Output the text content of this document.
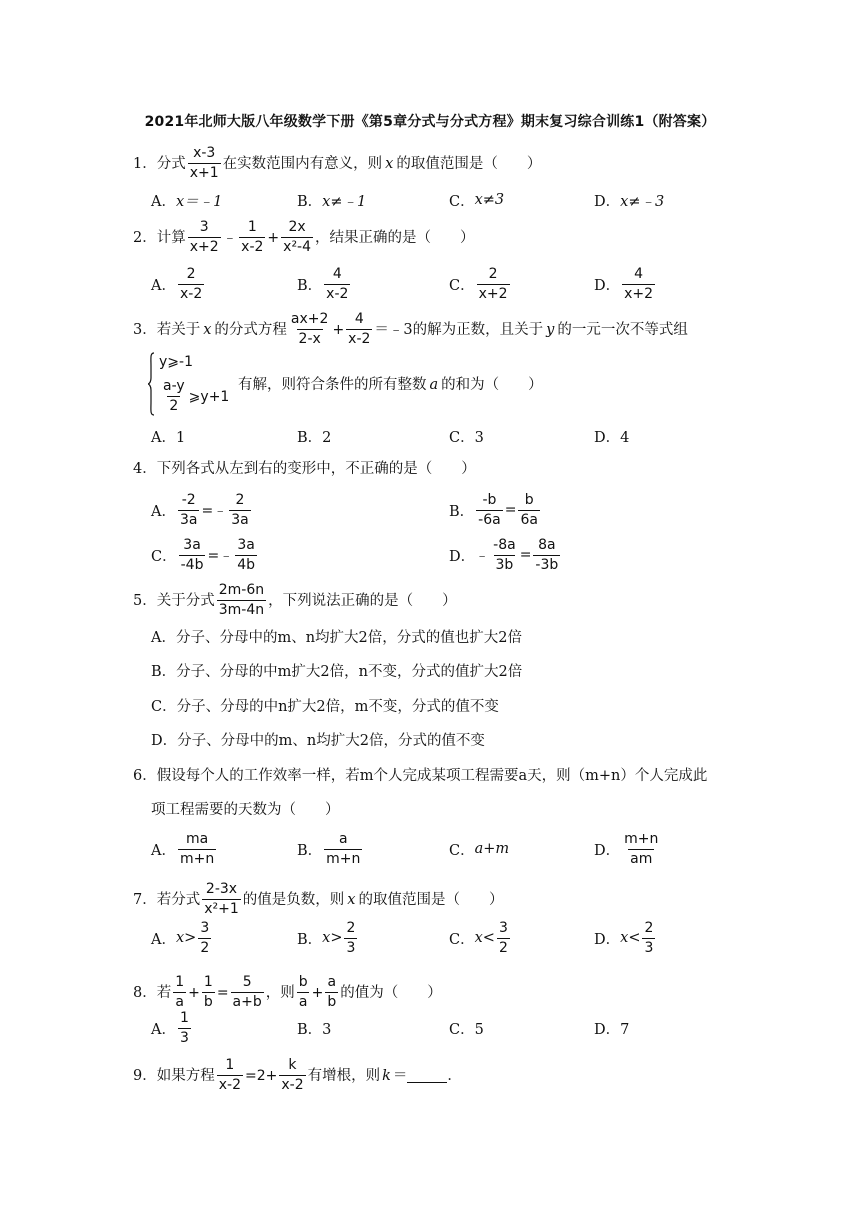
2021年北师大版八年级数学下册《第5章分式与分式方程》期末复习综合训练1（附答案）
1．分式 $\frac{x-3}{x+1}$ 在实数范围内有意义，则 x 的取值范围是（　　）
A． x＝﹣1	B． x≠﹣1	C． x≠3	D． x≠﹣3
2．计算 $\frac{3}{x+2}$ ﹣ $\frac{1}{x-2} + \frac{2x}{\text{x²-4}}$ ，结果正确的是（　　）
A． $\frac{2}{x-2}$	B． $\frac{4}{x-2}$	C． $\frac{2}{x+2}$	D． $\frac{4}{x+2}$
3．若关于 x 的分式方程 $\frac{ax+2}{2-x} + \frac{4}{x-2}$ ＝﹣3的解为正数，且关于 y 的一元一次不等式组
y⩾-1
$\frac{a-y}{2}$ ⩾y+1
有解，则符合条件的所有整数 a 的和为（　　）
A．1	B．2	C．3	D．4
4．下列各式从左到右的变形中，不正确的是（　　）
A． $\frac{-2}{3a}$ =﹣ $\frac{2}{3a}$	B． $\frac{-b}{-6a} = \frac{b}{6a}$
C． $\frac{3a}{-4b}$ =﹣ $\frac{3a}{4b}$	D． ﹣ $\frac{-8a}{3b} = \frac{8a}{-3b}$
5．关于分式 $\frac{2m-6n}{3m-4n}$ ，下列说法正确的是（　　）
A．分子、分母中的m、n均扩大2倍，分式的值也扩大2倍
B．分子、分母的中m扩大2倍，n不变，分式的值扩大2倍
C．分子、分母的中n扩大2倍，m不变，分式的值不变
D．分子、分母中的m、n均扩大2倍，分式的值不变
6．假设每个人的工作效率一样，若m个人完成某项工程需要a天，则（m+n）个人完成此
项工程需要的天数为（　　）
A． $\frac{ma}{m+n}$	B． $\frac{a}{m+n}$	C． a+m	D． $\frac{m+n}{am}$
7．若分式 $\frac{2-3x}{\text{x²+1}}$ 的值是负数，则 x 的取值范围是（　　）
A． $x> \frac{3}{2}$	B． $x> \frac{2}{3}$	C． $x< \frac{3}{2}$	D． $x< \frac{2}{3}$
8．若 $\frac{1}{a} + \frac{1}{b} = \frac{5}{a+b}$ ，则 $\frac{b}{a} + \frac{a}{b}$ 的值为（　　）
A． $\frac{1}{3}$	B．3	C．5	D．7
9．如果方程 $\frac{1}{x-2} =2+ \frac{k}{x-2}$ 有增根，则 k ＝	．
